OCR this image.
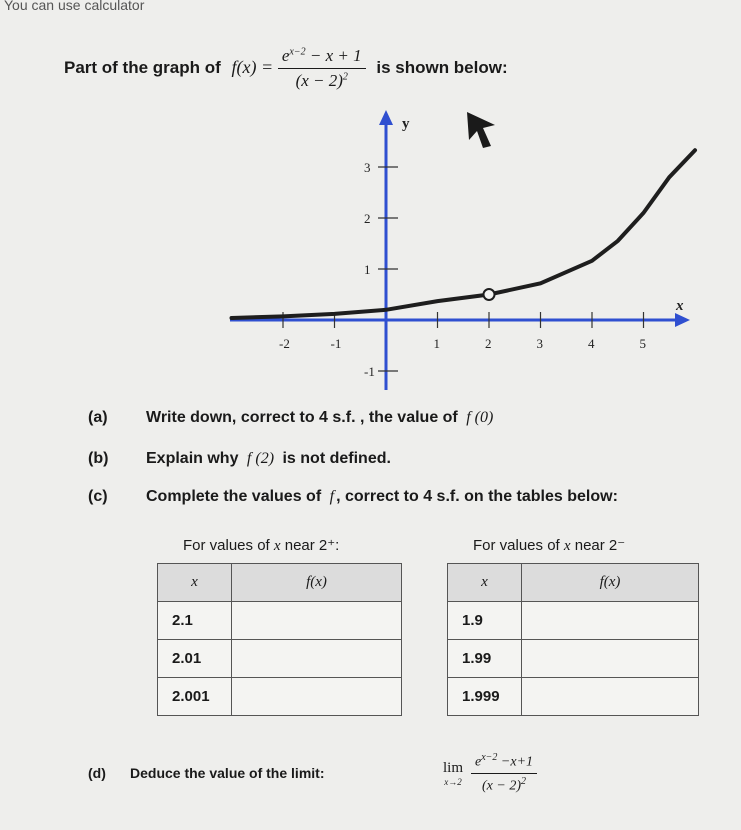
You can use calculator
Part of the graph of $f(x) = \frac{e^{x-2} - x + 1}{(x - 2)^2}$ is shown below:
-2	-1	1	2	3	4	5
3
2
1
-1
x
y
(a) Write down, correct to 4 s.f. , the value of f (0)
(b) Explain why f (2) is not defined.
(c) Complete the values of f , correct to 4 s.f. on the tables below:
For values of x near 2⁺:
x	f(x)
2.1	
2.01	
2.001	
For values of x near 2⁻
x	f(x)
1.9	
1.99	
1.999	
(d) Deduce the value of the limit:	lim
x→2
$\frac{e^{x-2} -x+1}{(x - 2)^2}$
